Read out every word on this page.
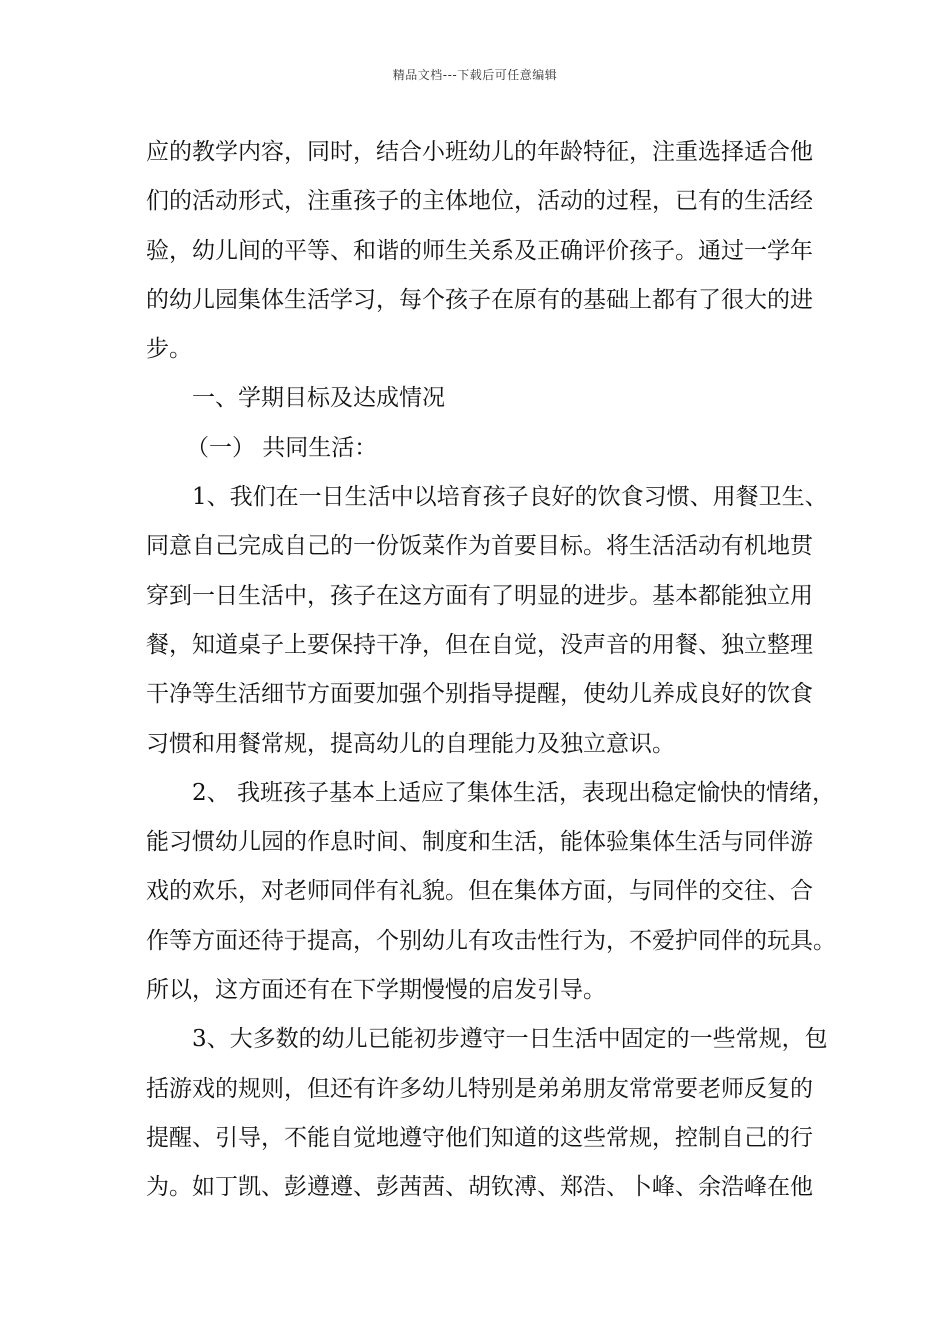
精品文档---下载后可任意编辑
应的教学内容，同时，结合小班幼儿的年龄特征，注重选择适合他
们的活动形式，注重孩子的主体地位，活动的过程，已有的生活经
验，幼儿间的平等、和谐的师生关系及正确评价孩子。通过一学年
的幼儿园集体生活学习，每个孩子在原有的基础上都有了很大的进
步。
一、学期目标及达成情况
（一） 共同生活：
1、我们在一日生活中以培育孩子良好的饮食习惯、用餐卫生、
同意自己完成自己的一份饭菜作为首要目标。将生活活动有机地贯
穿到一日生活中，孩子在这方面有了明显的进步。基本都能独立用
餐，知道桌子上要保持干净，但在自觉，没声音的用餐、独立整理
干净等生活细节方面要加强个别指导提醒，使幼儿养成良好的饮食
习惯和用餐常规，提高幼儿的自理能力及独立意识。
2、 我班孩子基本上适应了集体生活，表现出稳定愉快的情绪，
能习惯幼儿园的作息时间、制度和生活，能体验集体生活与同伴游
戏的欢乐，对老师同伴有礼貌。但在集体方面，与同伴的交往、合
作等方面还待于提高，个别幼儿有攻击性行为，不爱护同伴的玩具。
所以，这方面还有在下学期慢慢的启发引导。
3、大多数的幼儿已能初步遵守一日生活中固定的一些常规，包
括游戏的规则，但还有许多幼儿特别是弟弟朋友常常要老师反复的
提醒、引导，不能自觉地遵守他们知道的这些常规，控制自己的行
为。如丁凯、彭遵遵、彭茜茜、胡钦溥、郑浩、卜峰、余浩峰在他
